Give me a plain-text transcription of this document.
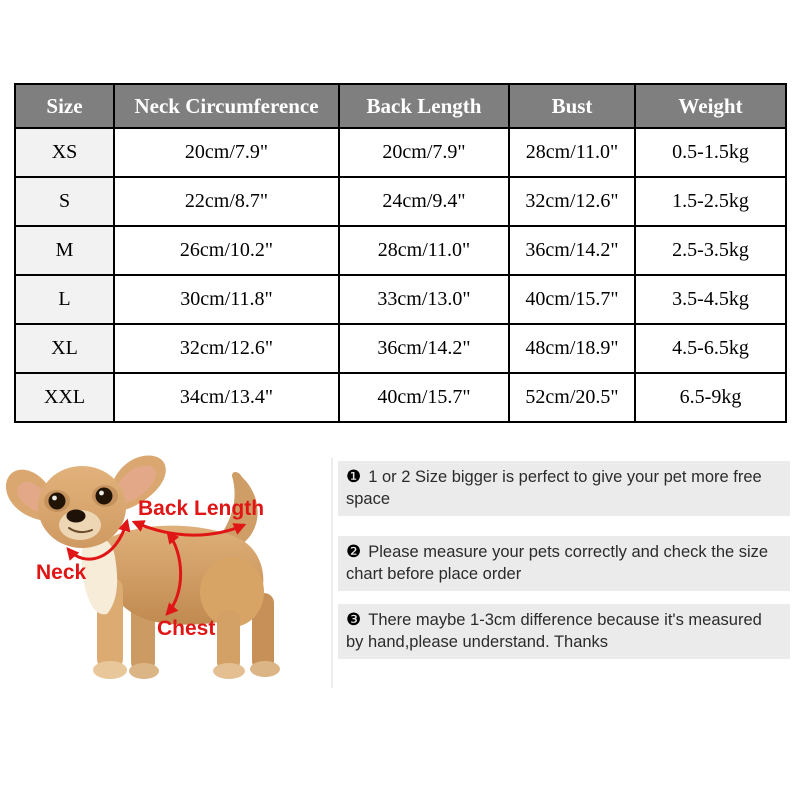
Size	Neck Circumference	Back Length	Bust	Weight
XS	20cm/7.9"	20cm/7.9"	28cm/11.0"	0.5-1.5kg
S	22cm/8.7"	24cm/9.4"	32cm/12.6"	1.5-2.5kg
M	26cm/10.2"	28cm/11.0"	36cm/14.2"	2.5-3.5kg
L	30cm/11.8"	33cm/13.0"	40cm/15.7"	3.5-4.5kg
XL	32cm/12.6"	36cm/14.2"	48cm/18.9"	4.5-6.5kg
XXL	34cm/13.4"	40cm/15.7"	52cm/20.5"	6.5-9kg
Back Length
Neck
Chest
❶ 1 or 2 Size bigger is perfect to give your pet more free space
❷ Please measure your pets correctly and check the size chart before place order
❸ There maybe 1-3cm difference because it's measured by hand,please understand. Thanks
